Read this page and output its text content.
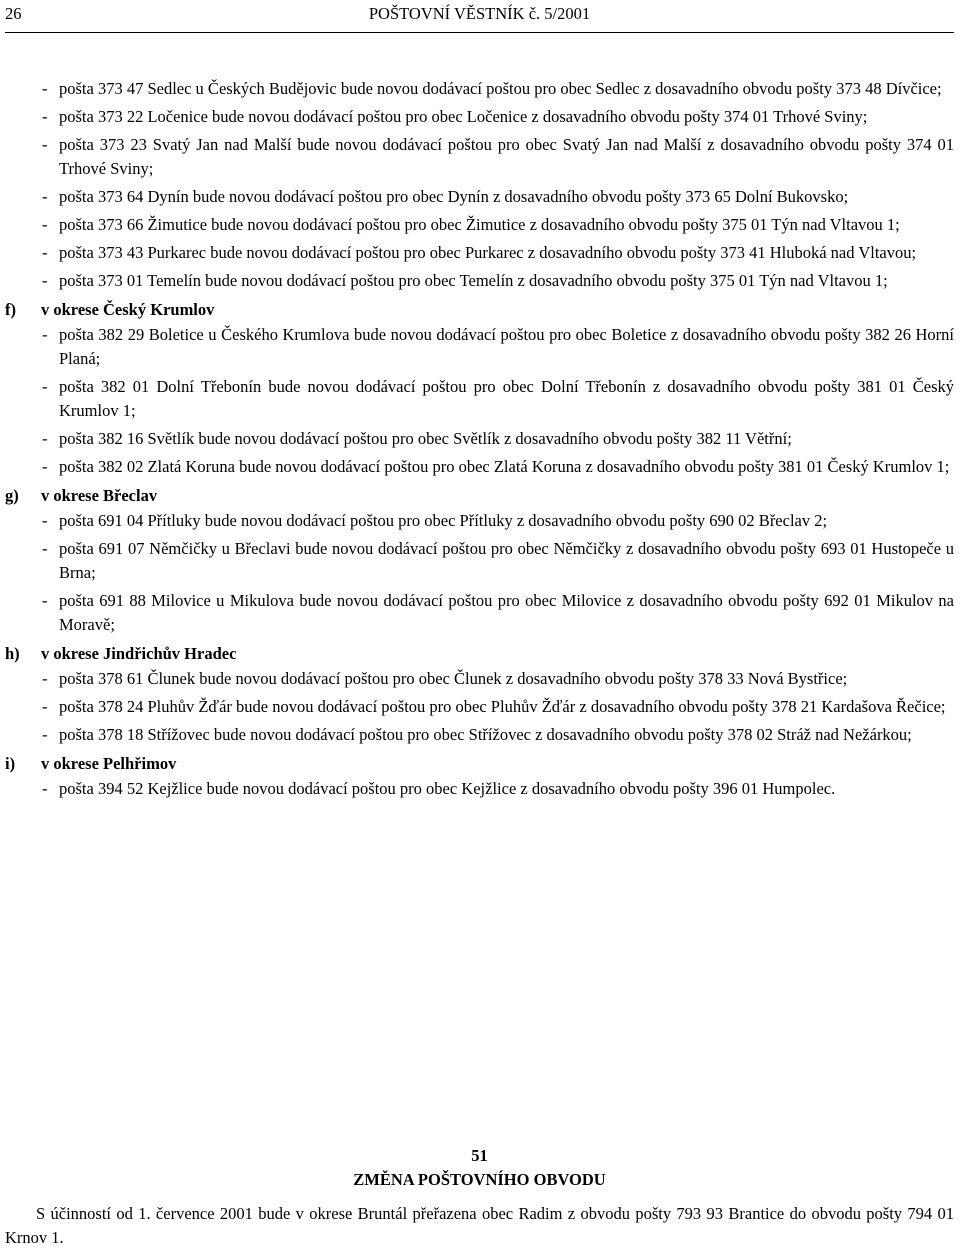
26	POŠTOVNÍ VĚSTNÍK č. 5/2001
- pošta 373 47 Sedlec u Českých Budějovic bude novou dodávací poštou pro obec Sedlec z dosavadního obvodu pošty 373 48 Dívčice;
- pošta 373 22 Ločenice bude novou dodávací poštou pro obec Ločenice z dosavadního obvodu pošty 374 01 Trhové Sviny;
- pošta 373 23 Svatý Jan nad Malší bude novou dodávací poštou pro obec Svatý Jan nad Malší z dosavadního obvodu pošty 374 01 Trhové Sviny;
- pošta 373 64 Dynín bude novou dodávací poštou pro obec Dynín z dosavadního obvodu pošty 373 65 Dolní Bukovsko;
- pošta 373 66 Žimutice bude novou dodávací poštou pro obec Žimutice z dosavadního obvodu pošty 375 01 Týn nad Vltavou 1;
- pošta 373 43 Purkarec bude novou dodávací poštou pro obec Purkarec z dosavadního obvodu pošty 373 41 Hluboká nad Vltavou;
- pošta 373 01 Temelín bude novou dodávací poštou pro obec Temelín z dosavadního obvodu pošty 375 01 Týn nad Vltavou 1;
f) v okrese Český Krumlov
- pošta 382 29 Boletice u Českého Krumlova bude novou dodávací poštou pro obec Boletice z dosavadního obvodu pošty 382 26 Horní Planá;
- pošta 382 01 Dolní Třebonín bude novou dodávací poštou pro obec Dolní Třebonín z dosavadního obvodu pošty 381 01 Český Krumlov 1;
- pošta 382 16 Světlík bude novou dodávací poštou pro obec Světlík z dosavadního obvodu pošty 382 11 Větřní;
- pošta 382 02 Zlatá Koruna bude novou dodávací poštou pro obec Zlatá Koruna z dosavadního obvodu pošty 381 01 Český Krumlov 1;
g) v okrese Břeclav
- pošta 691 04 Přítluky bude novou dodávací poštou pro obec Přítluky z dosavadního obvodu pošty 690 02 Břeclav 2;
- pošta 691 07 Němčičky u Břeclavi bude novou dodávací poštou pro obec Němčičky z dosavadního obvodu pošty 693 01 Hustopeče u Brna;
- pošta 691 88 Milovice u Mikulova bude novou dodávací poštou pro obec Milovice z dosavadního obvodu pošty 692 01 Mikulov na Moravě;
h) v okrese Jindřichův Hradec
- pošta 378 61 Člunek bude novou dodávací poštou pro obec Člunek z dosavadního obvodu pošty 378 33 Nová Bystřice;
- pošta 378 24 Pluhův Žďár bude novou dodávací poštou pro obec Pluhův Žďár z dosavadního obvodu pošty 378 21 Kardašova Řečice;
- pošta 378 18 Střížovec bude novou dodávací poštou pro obec Střížovec z dosavadního obvodu pošty 378 02 Stráž nad Nežárkou;
i) v okrese Pelhřimov
- pošta 394 52 Kejžlice bude novou dodávací poštou pro obec Kejžlice z dosavadního obvodu pošty 396 01 Humpolec.
51
ZMĚNA POŠTOVNÍHO OBVODU
S účinností od 1. července 2001 bude v okrese Bruntál přeřazena obec Radim z obvodu pošty 793 93 Brantice do obvodu pošty 794 01 Krnov 1.
